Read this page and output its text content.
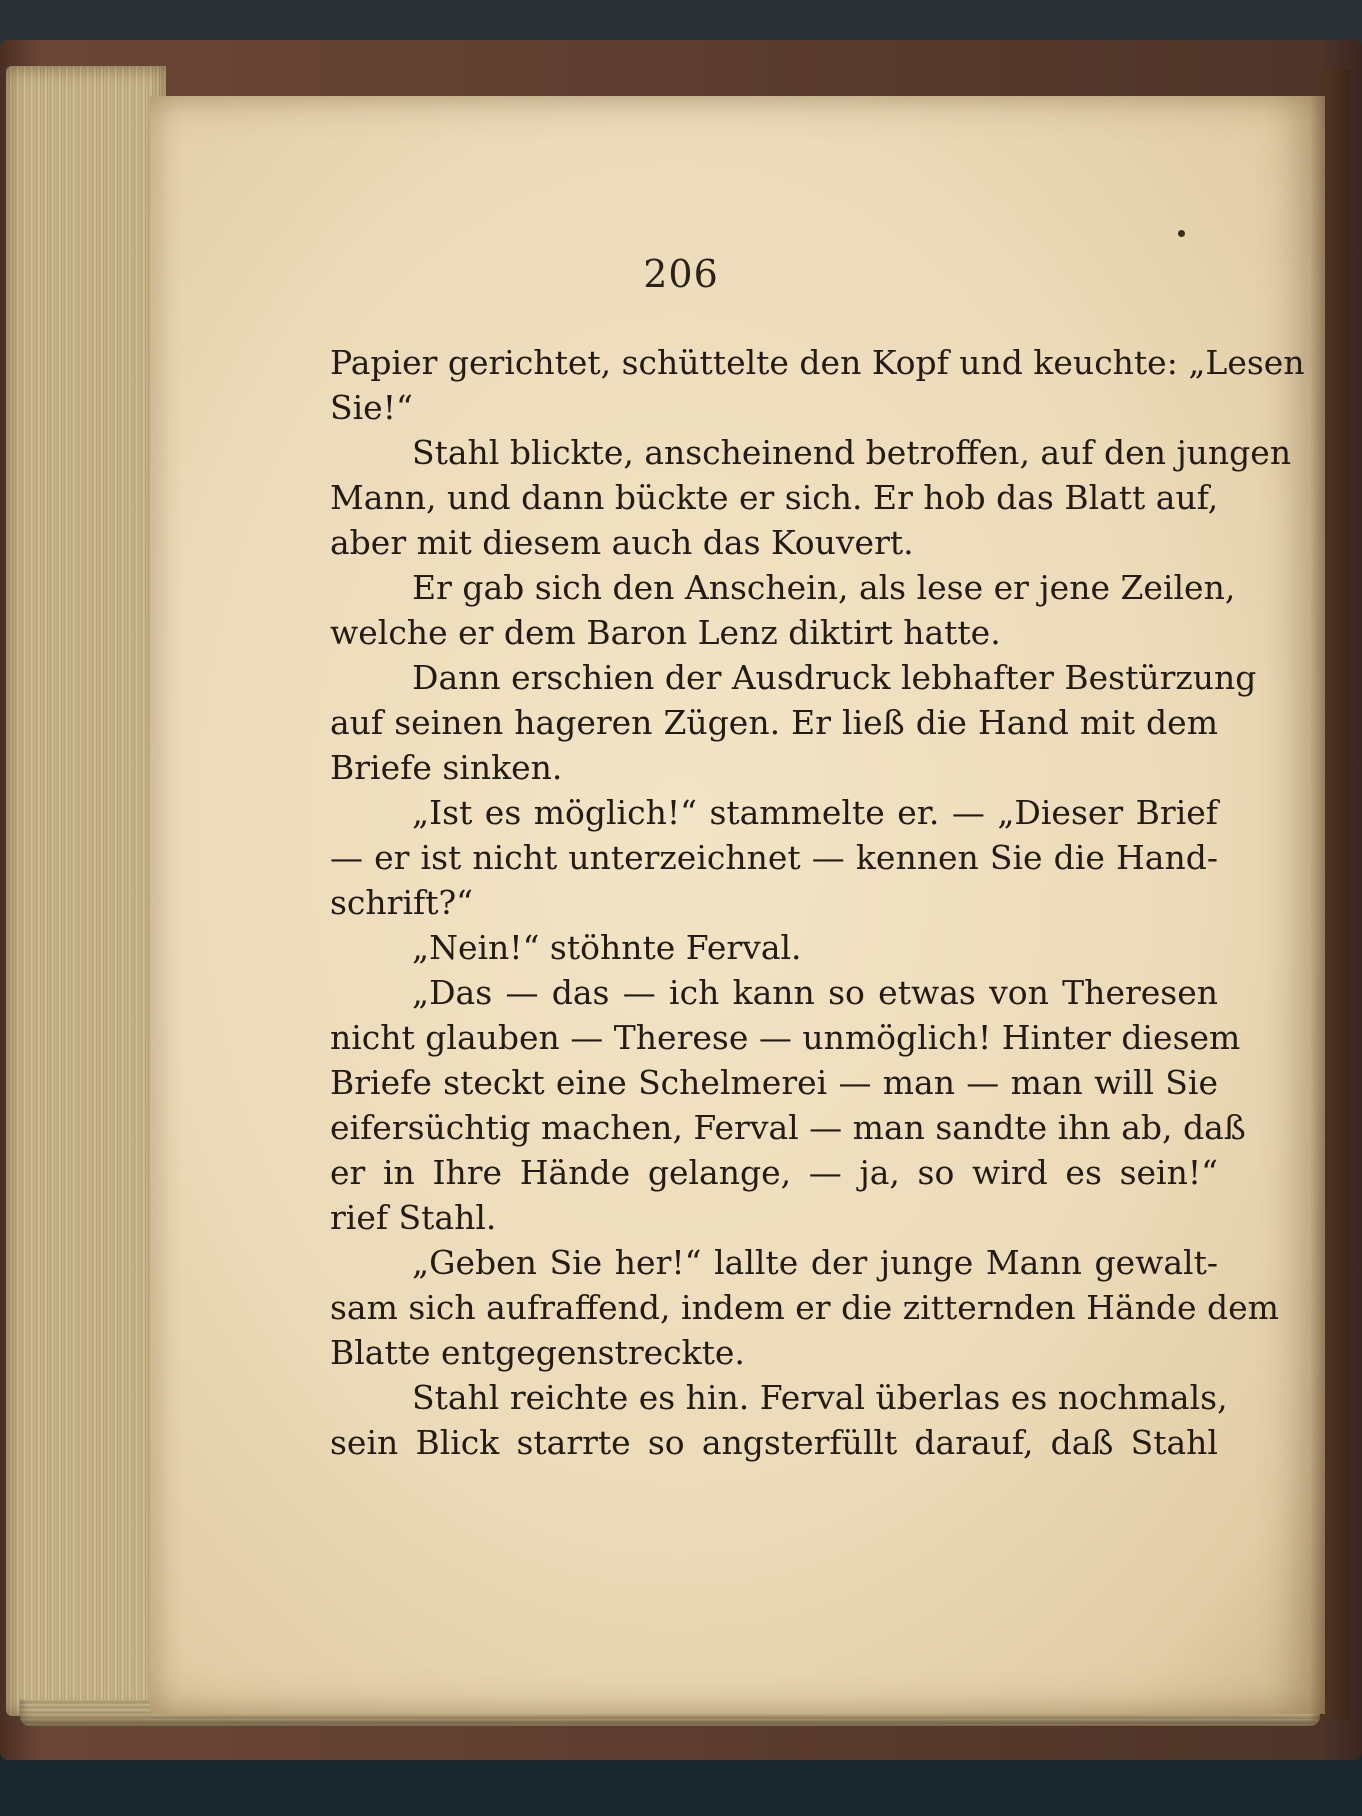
206
Papier gerichtet, schüttelte den Kopf und keuchte: „Lesen
Sie!“
Stahl blickte, anscheinend betroffen, auf den jungen
Mann, und dann bückte er sich. Er hob das Blatt auf,
aber mit diesem auch das Kouvert.
Er gab sich den Anschein, als lese er jene Zeilen,
welche er dem Baron Lenz diktirt hatte.
Dann erschien der Ausdruck lebhafter Bestürzung
auf seinen hageren Zügen. Er ließ die Hand mit dem
Briefe sinken.
„Ist es möglich!“ stammelte er. — „Dieser Brief
— er ist nicht unterzeichnet — kennen Sie die Hand-
schrift?“
„Nein!“ stöhnte Ferval.
„Das — das — ich kann so etwas von Theresen
nicht glauben — Therese — unmöglich! Hinter diesem
Briefe steckt eine Schelmerei — man — man will Sie
eifersüchtig machen, Ferval — man sandte ihn ab, daß
er in Ihre Hände gelange, — ja, so wird es sein!“
rief Stahl.
„Geben Sie her!“ lallte der junge Mann gewalt-
sam sich aufraffend, indem er die zitternden Hände dem
Blatte entgegenstreckte.
Stahl reichte es hin. Ferval überlas es nochmals,
sein Blick starrte so angsterfüllt darauf, daß Stahl
